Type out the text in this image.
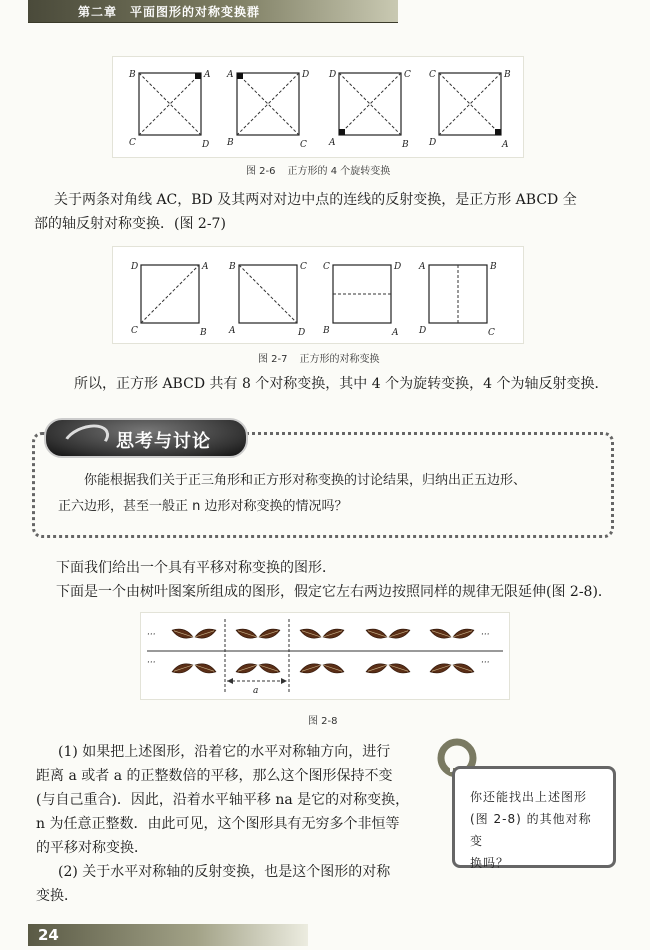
第二章　平面图形的对称变换群
B	A
C	D
A	D
B	C
D	C
A	B
C	B
D	A
图 2-6 正方形的 4 个旋转变换
关于两条对角线 AC，BD 及其两对对边中点的连线的反射变换，是正方形 ABCD 全
部的轴反射对称变换．(图 2-7)
D	A
C	B
B	C
A	D
C	D
B	A
A	B
D	C
图 2-7 正方形的对称变换
所以，正方形 ABCD 共有 8 个对称变换，其中 4 个为旋转变换，4 个为轴反射变换．
思考与讨论
你能根据我们关于正三角形和正方形对称变换的讨论结果，归纳出正五边形、
正六边形，甚至一般正 n 边形对称变换的情况吗？
下面我们给出一个具有平移对称变换的图形．
下面是一个由树叶图案所组成的图形，假定它左右两边按照同样的规律无限延伸(图 2-8)．
···
···
···
···
a
图 2-8
(1) 如果把上述图形，沿着它的水平对称轴方向，进行
距离 a 或者 a 的正整数倍的平移，那么这个图形保持不变
(与自己重合)．因此，沿着水平轴平移 na 是它的对称变换，
n 为任意正整数．由此可见，这个图形具有无穷多个非恒等
的平移对称变换．
(2) 关于水平对称轴的反射变换，也是这个图形的对称
变换．
你还能找出上述图形
(图 2-8) 的其他对称变
换吗？
24
